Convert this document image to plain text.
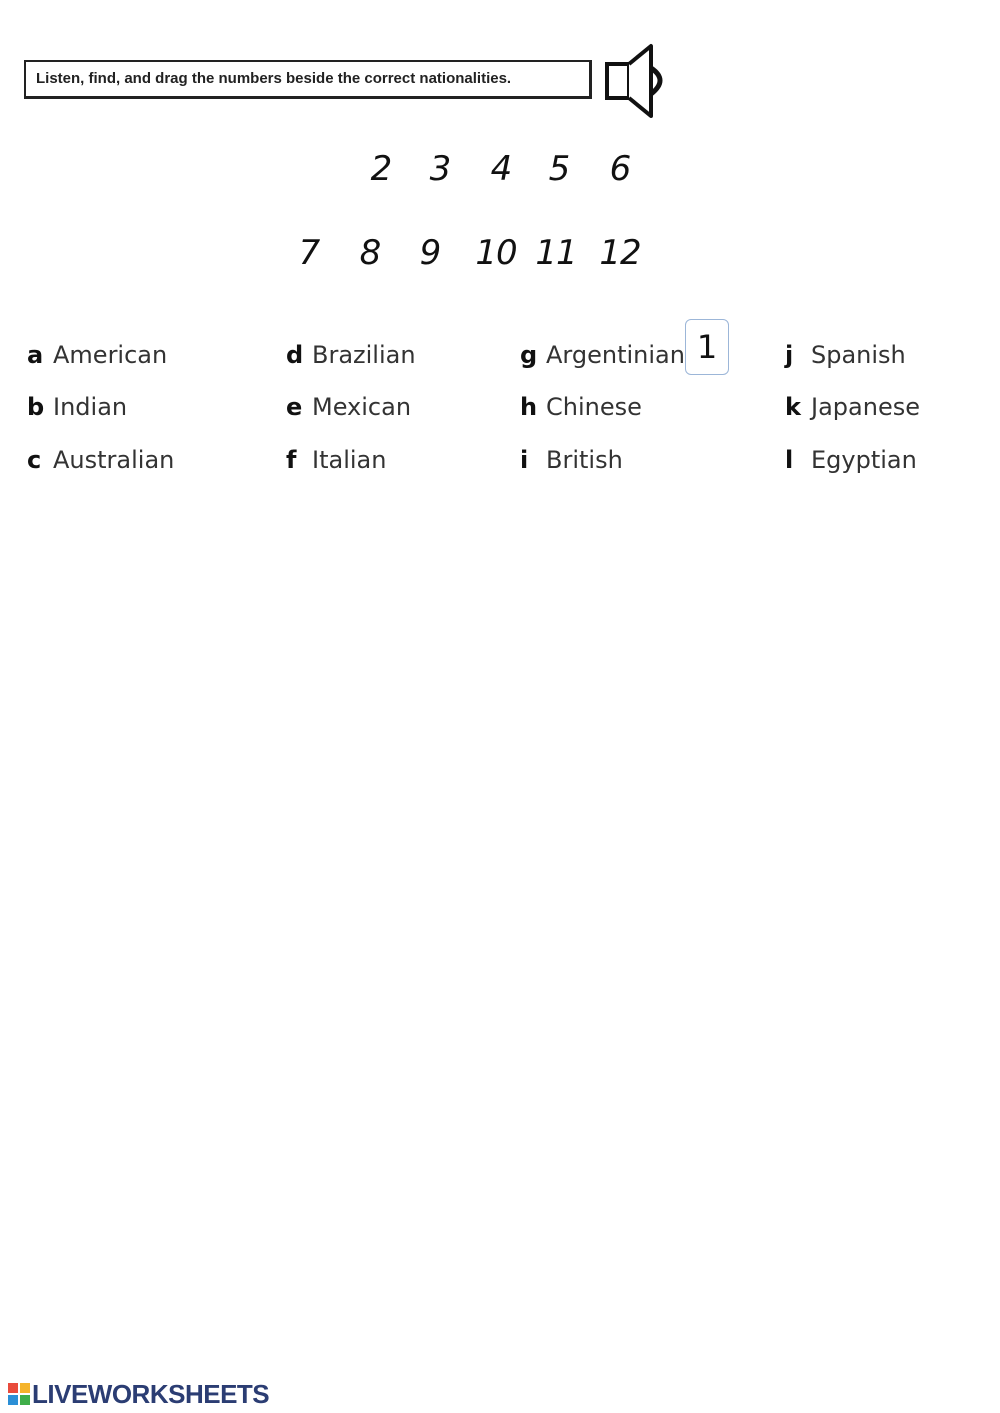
Listen, find, and drag the numbers beside the correct nationalities.
2 3 4 5 6
7 8 9 10 11 12
a American
b Indian
c Australian
d Brazilian
e Mexican
f Italian
g Argentinian
h Chinese
i British
j Spanish
k Japanese
l Egyptian
1
LIVEWORKSHEETS
